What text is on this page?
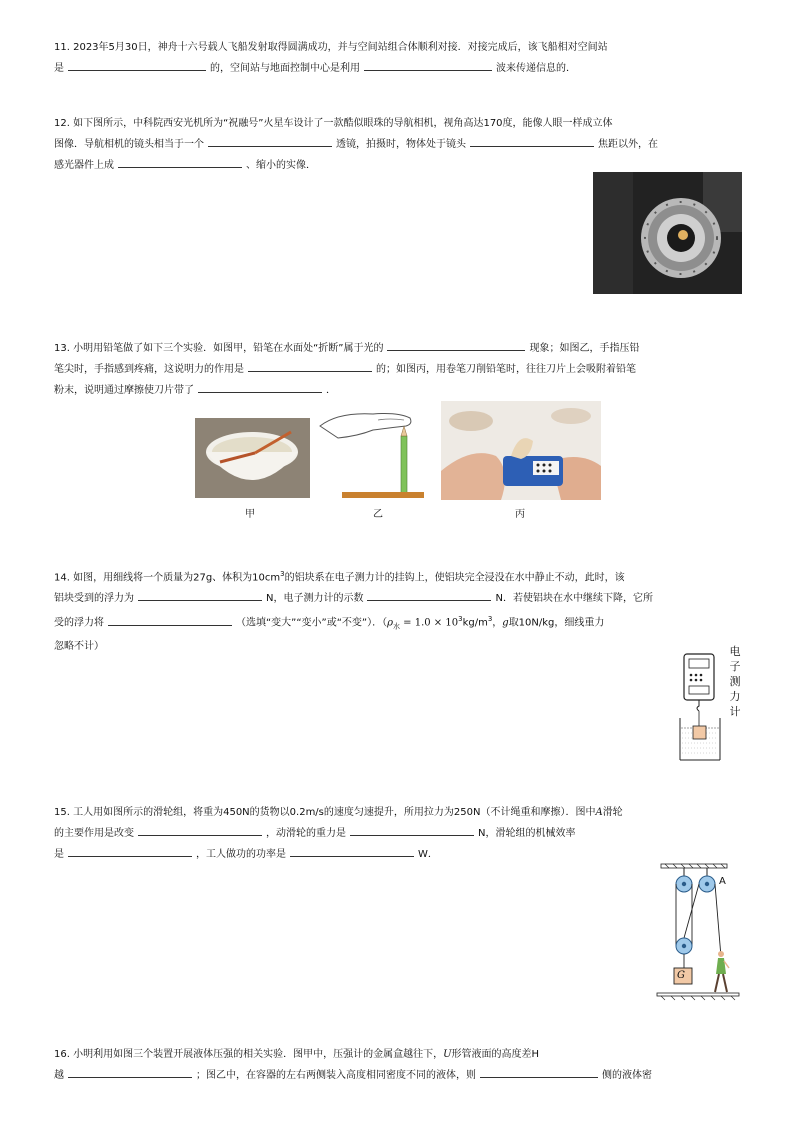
11. 2023年5月30日，神舟十六号载人飞船发射取得圆满成功，并与空间站组合体顺利对接．对接完成后，该飞船相对空间站
是	的，空间站与地面控制中心是利用	波来传递信息的．
12. 如下图所示，中科院西安光机所为“祝融号”火星车设计了一款酷似眼珠的导航相机，视角高达170度，能像人眼一样成立体
图像．导航相机的镜头相当于一个	透镜，拍摄时，物体处于镜头	焦距以外，在
感光器件上成	、缩小的实像．
13. 小明用铅笔做了如下三个实验．如图甲，铅笔在水面处“折断”属于光的	现象；如图乙，手指压铅
笔尖时，手指感到疼痛，这说明力的作用是	的；如图丙，用卷笔刀削铅笔时，往往刀片上会吸附着铅笔
粉末，说明通过摩擦使刀片带了	．
甲	乙	丙
14. 如图，用细线将一个质量为27g、体积为$10cm^3$的铝块系在电子测力计的挂钩上，使铝块完全浸没在水中静止不动，此时，该
铝块受到的浮力为	N，电子测力计的示数	N．若使铝块在水中继续下降，它所
受的浮力将	（选填“变大”“变小”或“不变”）．（$\rho_水 = 1.0 \times 10^3kg/m^3$，g取10N/kg，细线重力
忽略不计）	电
子
测
力
计
15. 工人用如图所示的滑轮组，将重为450N的货物以0.2m/s的速度匀速提升，所用拉力为250N（不计绳重和摩擦）．图中A滑轮
的主要作用是改变	，动滑轮的重力是	N，滑轮组的机械效率
是	，工人做功的功率是	W．
A
G
16. 小明利用如图三个装置开展液体压强的相关实验．图甲中，压强计的金属盒越往下，U形管液面的高度差H
越	；图乙中，在容器的左右两侧装入高度相同密度不同的液体，则	侧的液体密
